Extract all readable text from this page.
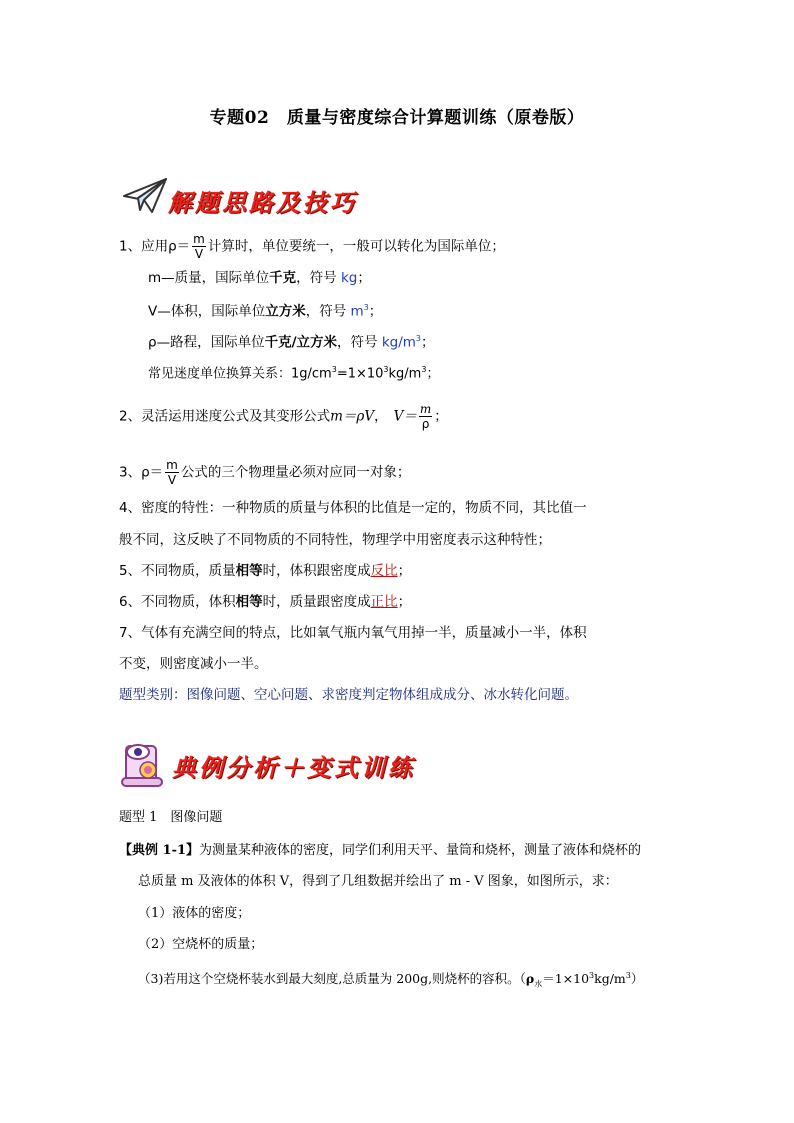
专题02　质量与密度综合计算题训练（原卷版）
解题思路及技巧
1、应用$\rho= \frac{m}{V}$ 计算时，单位要统一，一般可以转化为国际单位；
m—质量，国际单位千克，符号 kg；
V—体积，国际单位立方米，符号 $m^3$；
ρ—路程，国际单位千克/立方米，符号 $kg/m^3$；
常见迷度单位换算关系：$1g/cm^3=1\times 10^3kg/m^3$；
2、灵活运用迷度公式及其变形公式m＝ρV， $V= \frac{m}{\rho}$ ；
3、$\rho= \frac{m}{V}$ 公式的三个物理量必须对应同一对象；
4、密度的特性：一种物质的质量与体积的比值是一定的，物质不同，其比值一
般不同，这反映了不同物质的不同特性，物理学中用密度表示这种特性；
5、不同物质，质量相等时，体积跟密度成反比；
6、不同物质，体积相等时，质量跟密度成正比；
7、气体有充满空间的特点，比如氧气瓶内氧气用掉一半，质量减小一半，体积
不变，则密度减小一半。
题型类别：图像问题、空心问题、求密度判定物体组成成分、冰水转化问题。
典例分析＋变式训练
题型 1　图像问题
【典例 1-1】为测量某种液体的密度，同学们利用天平、量筒和烧杯，测量了液体和烧杯的
总质量 m 及液体的体积 V，得到了几组数据并绘出了 m - V 图象，如图所示，求：
（1）液体的密度；
（2）空烧杯的质量；
（3)若用这个空烧杯装水到最大刻度,总质量为 200g,则烧杯的容积。$(\rho_水=1\times 10^3kg/m^3)$
